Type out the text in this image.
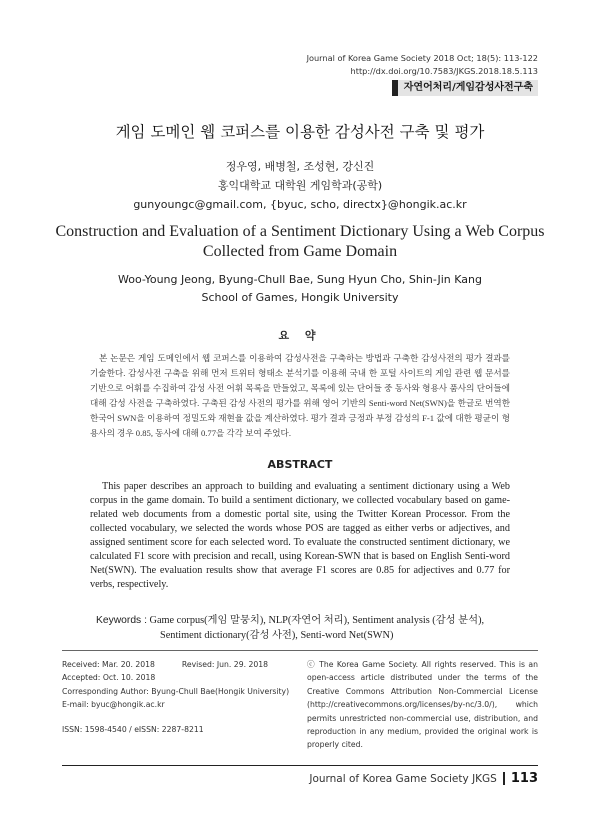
Journal of Korea Game Society 2018 Oct; 18(5): 113-122
http://dx.doi.org/10.7583/JKGS.2018.18.5.113
자연어처리/게임감성사전구축
게임 도메인 웹 코퍼스를 이용한 감성사전 구축 및 평가
정우영, 배병철, 조성현, 강신진
홍익대학교 대학원 게임학과(공학)
gunyoungc@gmail.com, {byuc, scho, directx}@hongik.ac.kr
Construction and Evaluation of a Sentiment Dictionary Using a Web Corpus Collected from Game Domain
Woo-Young Jeong, Byung-Chull Bae, Sung Hyun Cho, Shin-Jin Kang
School of Games, Hongik University
요 약
본 논문은 게임 도메인에서 웹 코퍼스를 이용하여 감성사전을 구축하는 방법과 구축한 감성사전의 평가 결과를 기술한다. 감성사전 구축을 위해 먼저 트위터 형태소 분석기를 이용해 국내 한 포털 사이트의 게임 관련 웹 문서를 기반으로 어휘를 수집하여 감성 사전 어휘 목록을 만들었고, 목록에 있는 단어들 중 동사와 형용사 품사의 단어들에 대해 감성 사전을 구축하였다. 구축된 감성 사전의 평가를 위해 영어 기반의 Senti-word Net(SWN)을 한글로 번역한 한국어 SWN을 이용하여 정밀도와 재현율 값을 계산하였다. 평가 결과 긍정과 부정 감성의 F-1 값에 대한 평균이 형용사의 경우 0.85, 동사에 대해 0.77을 각각 보여 주었다.
ABSTRACT
This paper describes an approach to building and evaluating a sentiment dictionary using a Web corpus in the game domain. To build a sentiment dictionary, we collected vocabulary based on game-related web documents from a domestic portal site, using the Twitter Korean Processor. From the collected vocabulary, we selected the words whose POS are tagged as either verbs or adjectives, and assigned sentiment score for each selected word. To evaluate the constructed sentiment dictionary, we calculated F1 score with precision and recall, using Korean-SWN that is based on English Senti-word Net(SWN). The evaluation results show that average F1 scores are 0.85 for adjectives and 0.77 for verbs, respectively.
Keywords : Game corpus(게임 말뭉치), NLP(자연어 처리), Sentiment analysis (감성 분석),
Sentiment dictionary(감성 사전), Senti-word Net(SWN)
Received: Mar. 20. 2018	Revised: Jun. 29. 2018
Accepted: Oct. 10. 2018
Corresponding Author: Byung-Chull Bae(Hongik University)
E-mail: byuc@hongik.ac.kr
ISSN: 1598-4540 / eISSN: 2287-8211
ⓒ The Korea Game Society. All rights reserved. This is an open-access article distributed under the terms of the Creative Commons Attribution Non-Commercial License (http://creativecommons.org/licenses/by-nc/3.0/), which permits unrestricted non-commercial use, distribution, and reproduction in any medium, provided the original work is properly cited.
Journal of Korea Game Society JKGS 113
